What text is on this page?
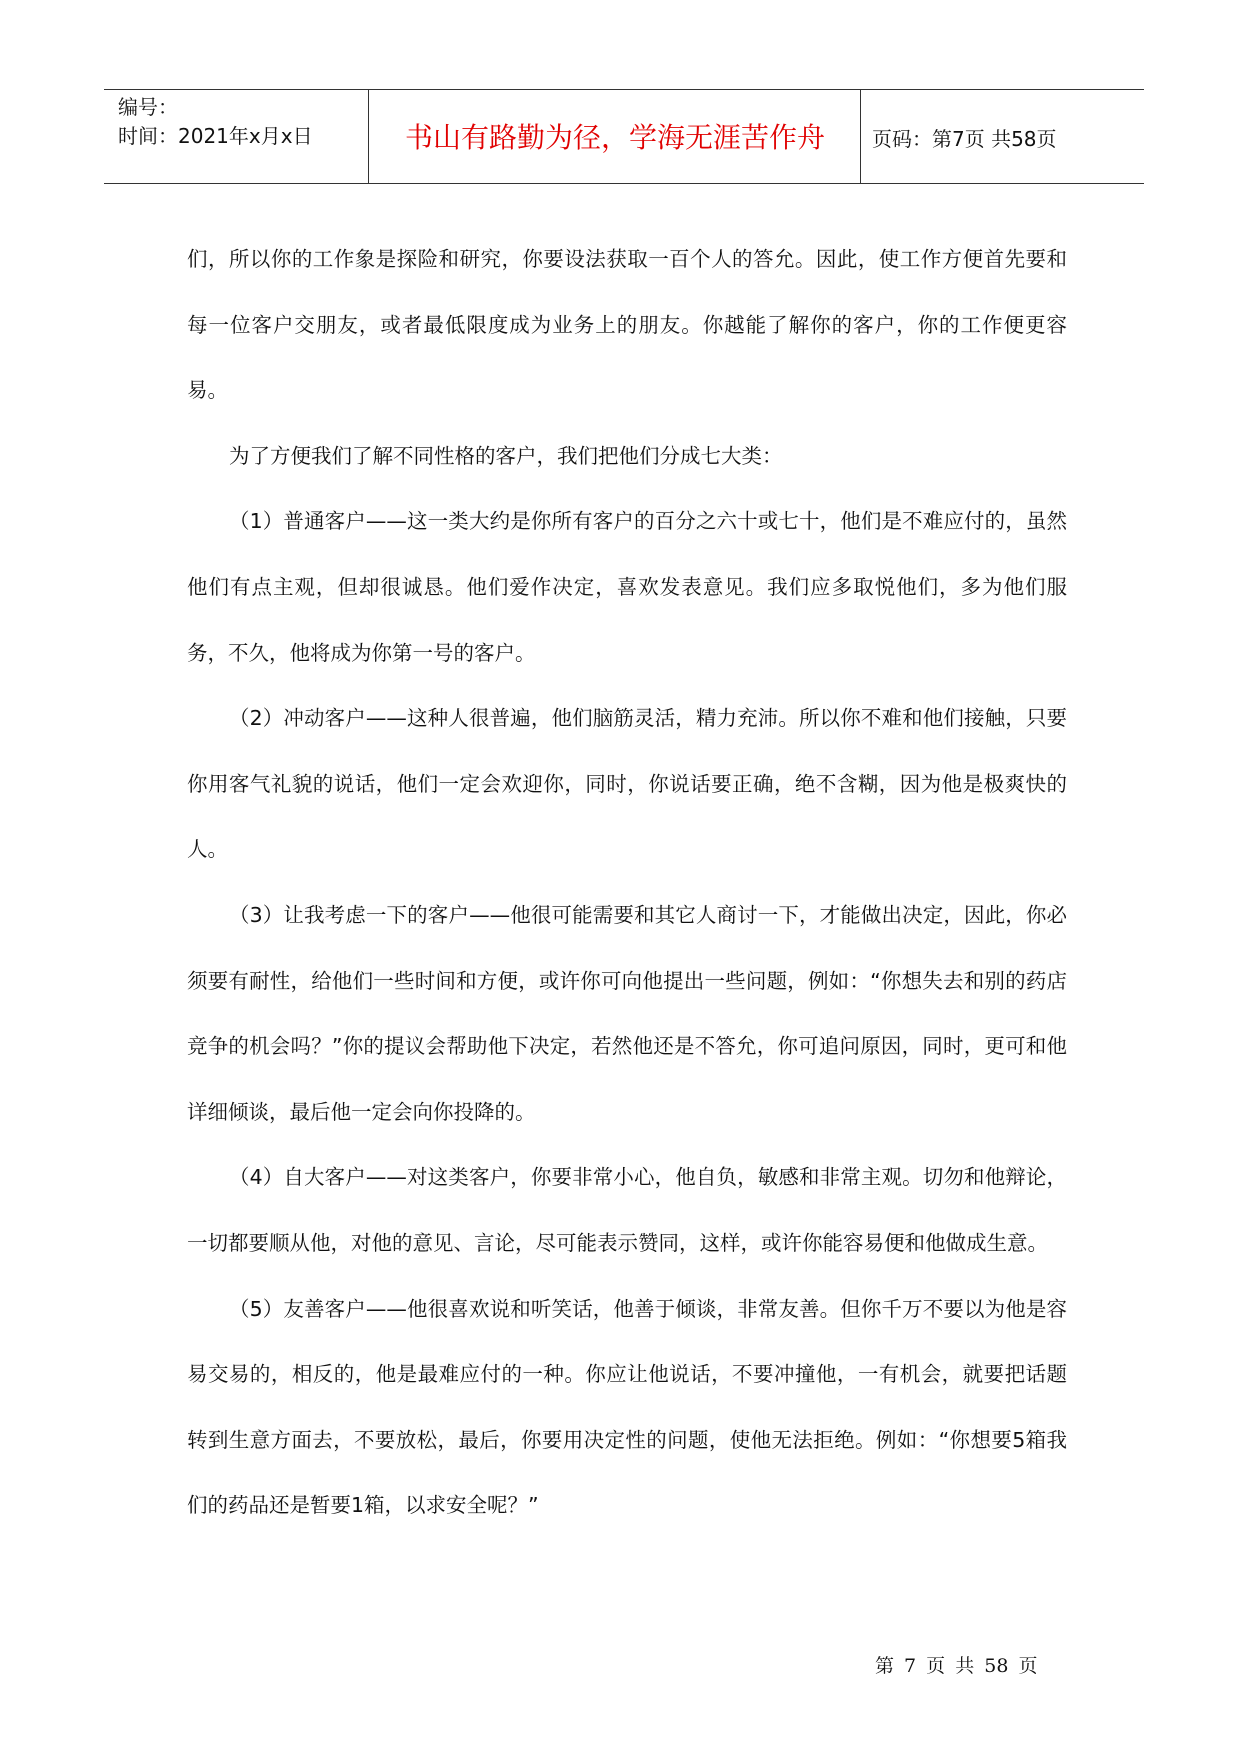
编号：
时间：2021年x月x日	书山有路勤为径，学海无涯苦作舟	页码：第7页 共58页

们，所以你的工作象是探险和研究，你要设法获取一百个人的答允。因此，使工作方便首先要和每一位客户交朋友，或者最低限度成为业务上的朋友。你越能了解你的客户，你的工作便更容易。

为了方便我们了解不同性格的客户，我们把他们分成七大类：

（1）普通客户——这一类大约是你所有客户的百分之六十或七十，他们是不难应付的，虽然他们有点主观，但却很诚恳。他们爱作决定，喜欢发表意见。我们应多取悦他们，多为他们服务，不久，他将成为你第一号的客户。

（2）冲动客户——这种人很普遍，他们脑筋灵活，精力充沛。所以你不难和他们接触，只要你用客气礼貌的说话，他们一定会欢迎你，同时，你说话要正确，绝不含糊，因为他是极爽快的人。

（3）让我考虑一下的客户——他很可能需要和其它人商讨一下，才能做出决定，因此，你必须要有耐性，给他们一些时间和方便，或许你可向他提出一些问题，例如：“你想失去和别的药店竞争的机会吗？”你的提议会帮助他下决定，若然他还是不答允，你可追问原因，同时，更可和他详细倾谈，最后他一定会向你投降的。

（4）自大客户——对这类客户，你要非常小心，他自负，敏感和非常主观。切勿和他辩论，一切都要顺从他，对他的意见、言论，尽可能表示赞同，这样，或许你能容易便和他做成生意。

（5）友善客户——他很喜欢说和听笑话，他善于倾谈，非常友善。但你千万不要以为他是容易交易的，相反的，他是最难应付的一种。你应让他说话，不要冲撞他，一有机会，就要把话题转到生意方面去，不要放松，最后，你要用决定性的问题，使他无法拒绝。例如：“你想要5箱我们的药品还是暂要1箱，以求安全呢？”

第 7 页 共 58 页
